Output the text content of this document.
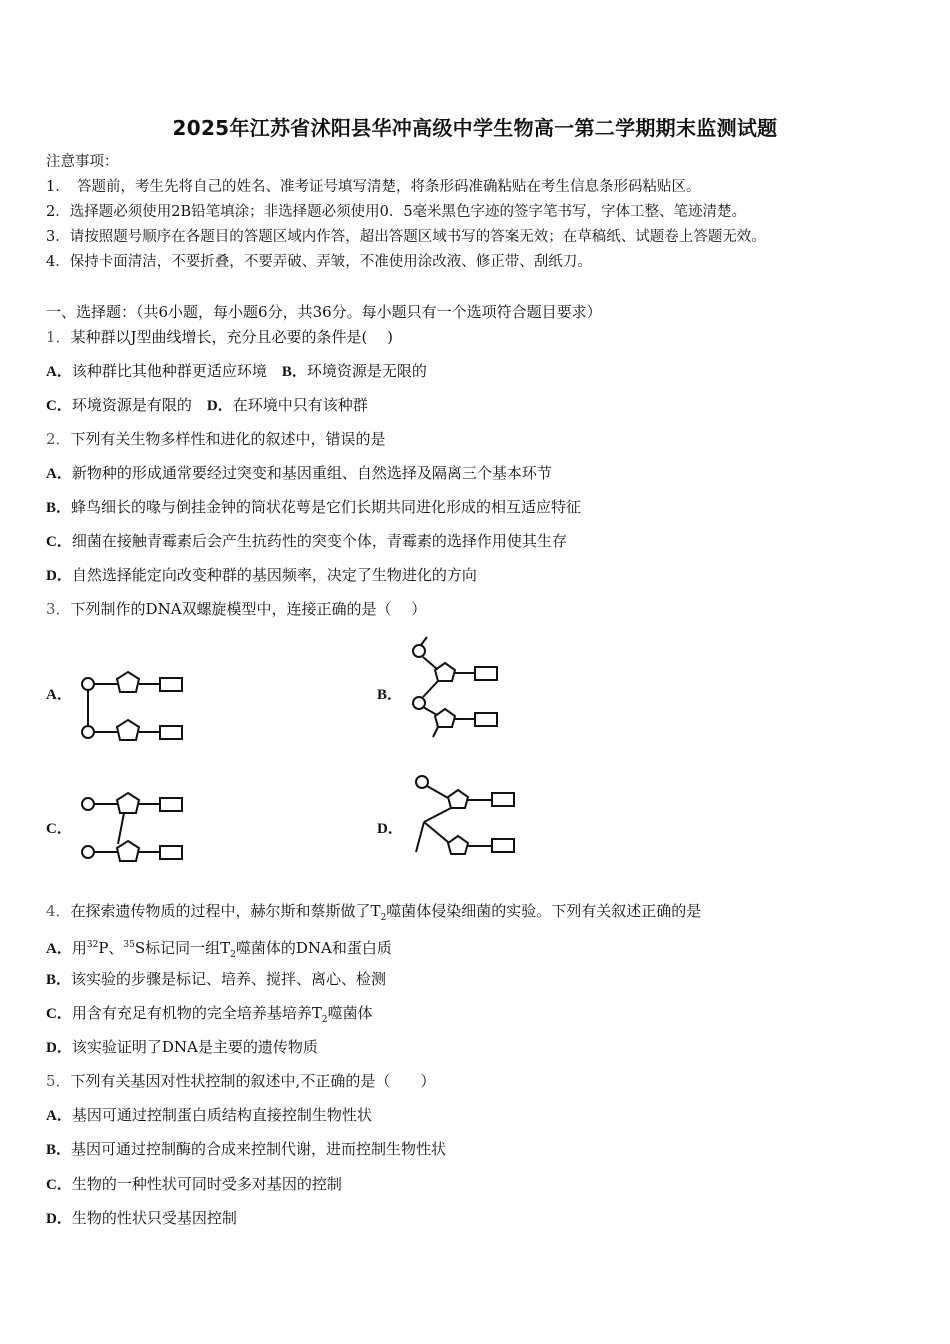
2025年江苏省沭阳县华冲高级中学生物高一第二学期期末监测试题
注意事项：
1．　答题前，考生先将自己的姓名、准考证号填写清楚，将条形码准确粘贴在考生信息条形码粘贴区。
2．选择题必须使用2B铅笔填涂；非选择题必须使用0．5毫米黑色字迹的签字笔书写，字体工整、笔迹清楚。
3．请按照题号顺序在各题目的答题区域内作答，超出答题区域书写的答案无效；在草稿纸、试题卷上答题无效。
4．保持卡面清洁，不要折叠，不要弄破、弄皱，不准使用涂改液、修正带、刮纸刀。
一、选择题：（共6小题，每小题6分，共36分。每小题只有一个选项符合题目要求）
1．某种群以J型曲线增长，充分且必要的条件是(　 )
A．该种群比其他种群更适应环境　 B．环境资源是无限的
C．环境资源是有限的　 D．在环境中只有该种群
2．下列有关生物多样性和进化的叙述中，错误的是
A．新物种的形成通常要经过突变和基因重组、自然选择及隔离三个基本环节
B．蜂鸟细长的喙与倒挂金钟的筒状花萼是它们长期共同进化形成的相互适应特征
C．细菌在接触青霉素后会产生抗药性的突变个体，青霉素的选择作用使其生存
D．自然选择能定向改变种群的基因频率，决定了生物进化的方向
3．下列制作的DNA双螺旋模型中，连接正确的是（　 ）
A．	B．
C．	D．
4．在探索遗传物质的过程中，赫尔斯和蔡斯做了$T_2$噬菌体侵染细菌的实验。下列有关叙述正确的是
A．用$^{32}$P、$^{35}$S标记同一组$T_2$噬菌体的DNA和蛋白质
B．该实验的步骤是标记、培养、搅拌、离心、检测
C．用含有充足有机物的完全培养基培养$T_2$噬菌体
D．该实验证明了DNA是主要的遗传物质
5．下列有关基因对性状控制的叙述中,不正确的是（　　）
A．基因可通过控制蛋白质结构直接控制生物性状
B．基因可通过控制酶的合成来控制代谢，进而控制生物性状
C．生物的一种性状可同时受多对基因的控制
D．生物的性状只受基因控制
